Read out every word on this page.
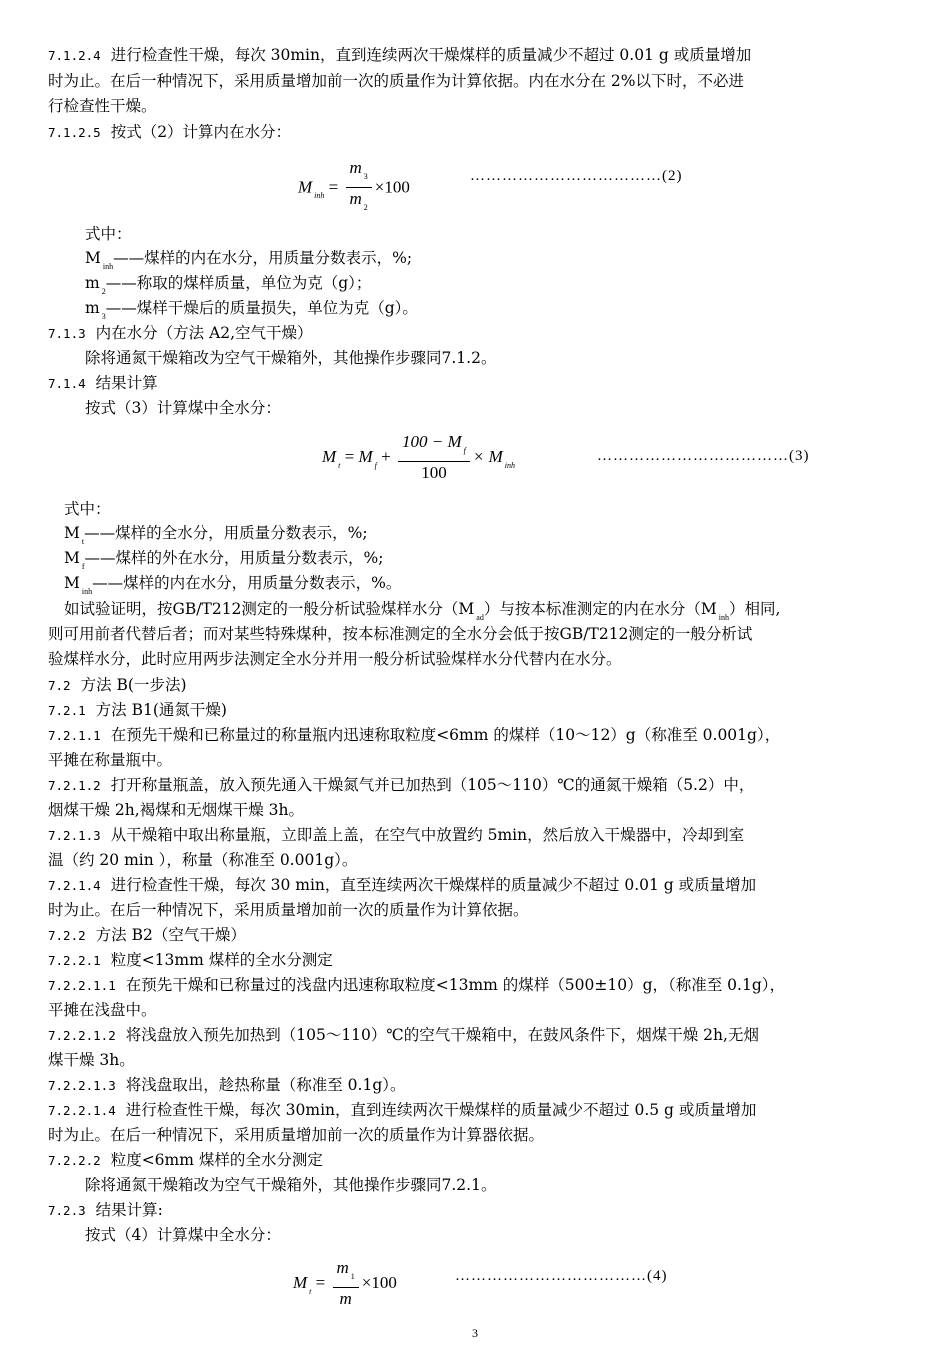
7.1.2.4 进行检查性干燥，每次 30min，直到连续两次干燥煤样的质量减少不超过 0.01 g 或质量增加
时为止。在后一种情况下，采用质量增加前一次的质量作为计算依据。内在水分在 2%以下时，不必进
行检查性干燥。
7.1.2.5 按式（2）计算内在水分：
M $_{inh} = \frac{m _3}{m _2} \times 100$
………………………………(2)
式中：
M $_{inh}$——煤样的内在水分，用质量分数表示，%;
m $_2$——称取的煤样质量，单位为克（g）；
m $_3$——煤样干燥后的质量损失，单位为克（g）。
7.1.3 内在水分（方法 A2,空气干燥）
除将通氮干燥箱改为空气干燥箱外，其他操作步骤同7.1.2。
7.1.4 结果计算
按式（3）计算煤中全水分：
M $_t$ = M $_f + \frac{100 - M _f}{100} \times M$ $_{inh}$
………………………………(3)
式中：
M $_t$——煤样的全水分，用质量分数表示，%;
M $_f$——煤样的外在水分，用质量分数表示，%;
M $_{inh}$——煤样的内在水分，用质量分数表示，%。
如试验证明，按GB/T212测定的一般分析试验煤样水分（M $_{ad}$）与按本标准测定的内在水分（M $_{inh}$）相同,
则可用前者代替后者；而对某些特殊煤种，按本标准测定的全水分会低于按GB/T212测定的一般分析试
验煤样水分，此时应用两步法测定全水分并用一般分析试验煤样水分代替内在水分。
7.2 方法 B(一步法)
7.2.1 方法 B1(通氮干燥)
7.2.1.1 在预先干燥和已称量过的称量瓶内迅速称取粒度<6mm 的煤样（10～12）g（称准至 0.001g），
平摊在称量瓶中。
7.2.1.2 打开称量瓶盖，放入预先通入干燥氮气并已加热到（105～110）℃的通氮干燥箱（5.2）中，
烟煤干燥 2h,褐煤和无烟煤干燥 3h。
7.2.1.3 从干燥箱中取出称量瓶，立即盖上盖，在空气中放置约 5min，然后放入干燥器中，冷却到室
温（约 20 min ），称量（称准至 0.001g）。
7.2.1.4 进行检查性干燥，每次 30 min，直至连续两次干燥煤样的质量减少不超过 0.01 g 或质量增加
时为止。在后一种情况下，采用质量增加前一次的质量作为计算依据。
7.2.2 方法 B2（空气干燥）
7.2.2.1 粒度<13mm 煤样的全水分测定
7.2.2.1.1 在预先干燥和已称量过的浅盘内迅速称取粒度<13mm 的煤样（500±10）g，（称准至 0.1g），
平摊在浅盘中。
7.2.2.1.2 将浅盘放入预先加热到（105～110）℃的空气干燥箱中，在鼓风条件下，烟煤干燥 2h,无烟
煤干燥 3h。
7.2.2.1.3 将浅盘取出，趁热称量（称准至 0.1g）。
7.2.2.1.4 进行检查性干燥，每次 30min，直到连续两次干燥煤样的质量减少不超过 0.5 g 或质量增加
时为止。在后一种情况下，采用质量增加前一次的质量作为计算器依据。
7.2.2.2 粒度<6mm 煤样的全水分测定
除将通氮干燥箱改为空气干燥箱外，其他操作步骤同7.2.1。
7.2.3 结果计算:
按式（4）计算煤中全水分：
M $_t = \frac{m _1}{m} \times 100$	………………………………(4)
3
